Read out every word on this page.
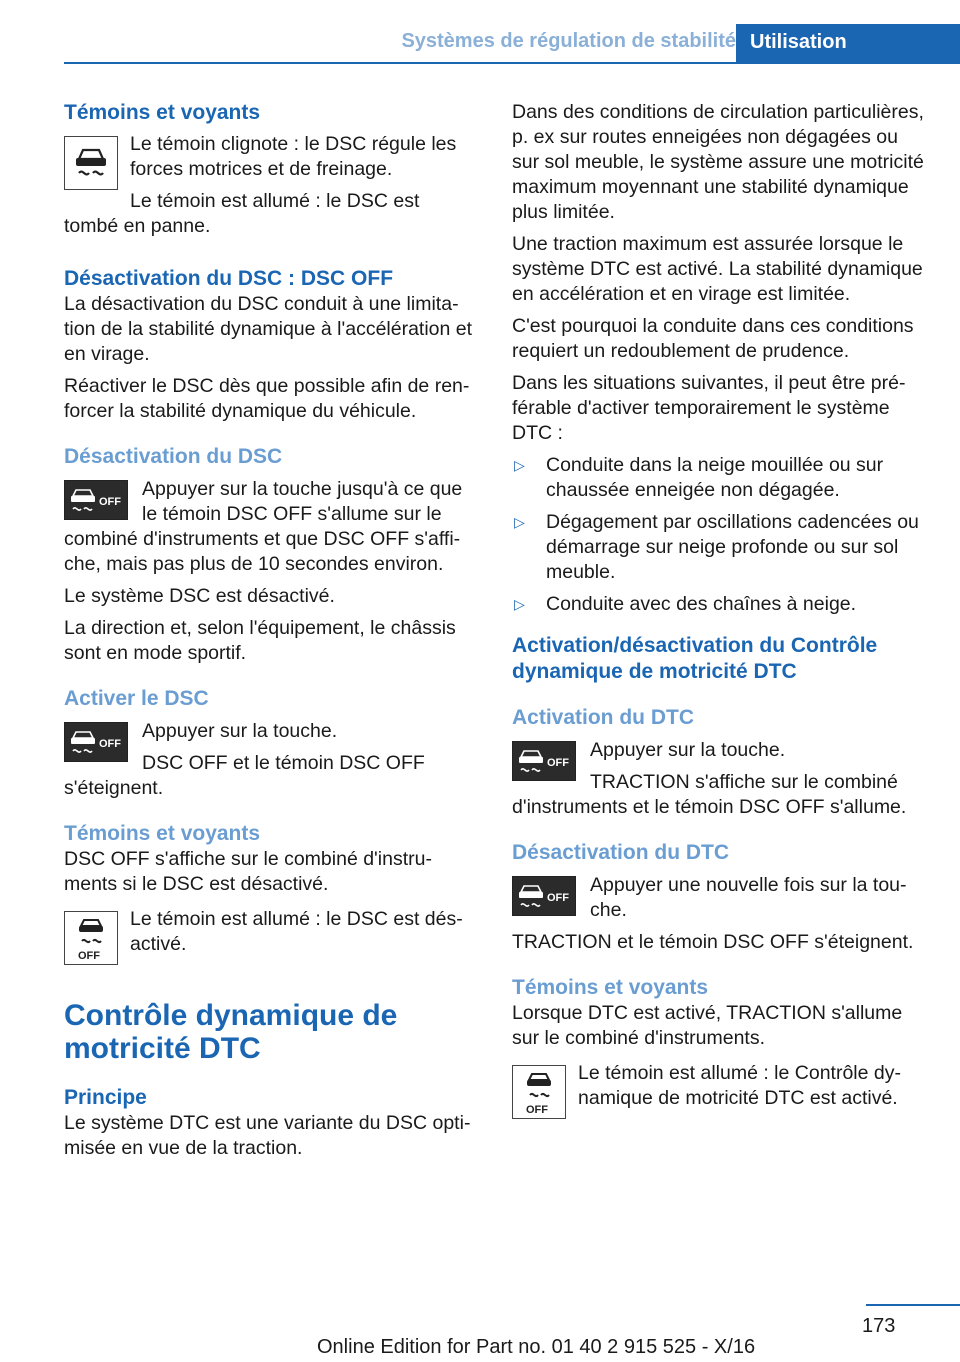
Systèmes de régulation de stabilité Utilisation
Témoins et voyants

Le témoin clignote : le DSC régule les forces motrices et de freinage.

Le témoin est allumé : le DSC est tombé en panne.

Désactivation du DSC : DSC OFF

La désactivation du DSC conduit à une limitation de la stabilité dynamique à l'accélération et en virage.

Réactiver le DSC dès que possible afin de renforcer la stabilité dynamique du véhicule.

Désactivation du DSC
OFF

Appuyer sur la touche jusqu'à ce que le témoin DSC OFF s'allume sur le combiné d'instruments et que DSC OFF s'affiche, mais pas plus de 10 secondes environ.

Le système DSC est désactivé.

La direction et, selon l'équipement, le châssis sont en mode sportif.

Activer le DSC
OFF

Appuyer sur la touche.

DSC OFF et le témoin DSC OFF s'éteignent.

Témoins et voyants

DSC OFF s'affiche sur le combiné d'instruments si le DSC est désactivé.

OFF

Le témoin est allumé : le DSC est désactivé.

Contrôle dynamique de motricité DTC
Principe

Le système DTC est une variante du DSC optimisée en vue de la traction.

Dans des conditions de circulation particulières, p. ex sur routes enneigées non dégagées ou sur sol meuble, le système assure une motricité maximum moyennant une stabilité dynamique plus limitée.

Une traction maximum est assurée lorsque le système DTC est activé. La stabilité dynamique en accélération et en virage est limitée.

C'est pourquoi la conduite dans ces conditions requiert un redoublement de prudence.

Dans les situations suivantes, il peut être préférable d'activer temporairement le système DTC :

▷ Conduite dans la neige mouillée ou sur chaussée enneigée non dégagée.
▷ Dégagement par oscillations cadencées ou démarrage sur neige profonde ou sur sol meuble.
▷ Conduite avec des chaînes à neige.
Activation/désactivation du Contrôle dynamique de motricité DTC
Activation du DTC
OFF

Appuyer sur la touche.

TRACTION s'affiche sur le combiné d'instruments et le témoin DSC OFF s'allume.

Désactivation du DTC
OFF

Appuyer une nouvelle fois sur la touche.

TRACTION et le témoin DSC OFF s'éteignent.

Témoins et voyants

Lorsque DTC est activé, TRACTION s'allume sur le combiné d'instruments.

OFF

Le témoin est allumé : le Contrôle dynamique de motricité DTC est activé.

173
Online Edition for Part no. 01 40 2 915 525 - X/16
